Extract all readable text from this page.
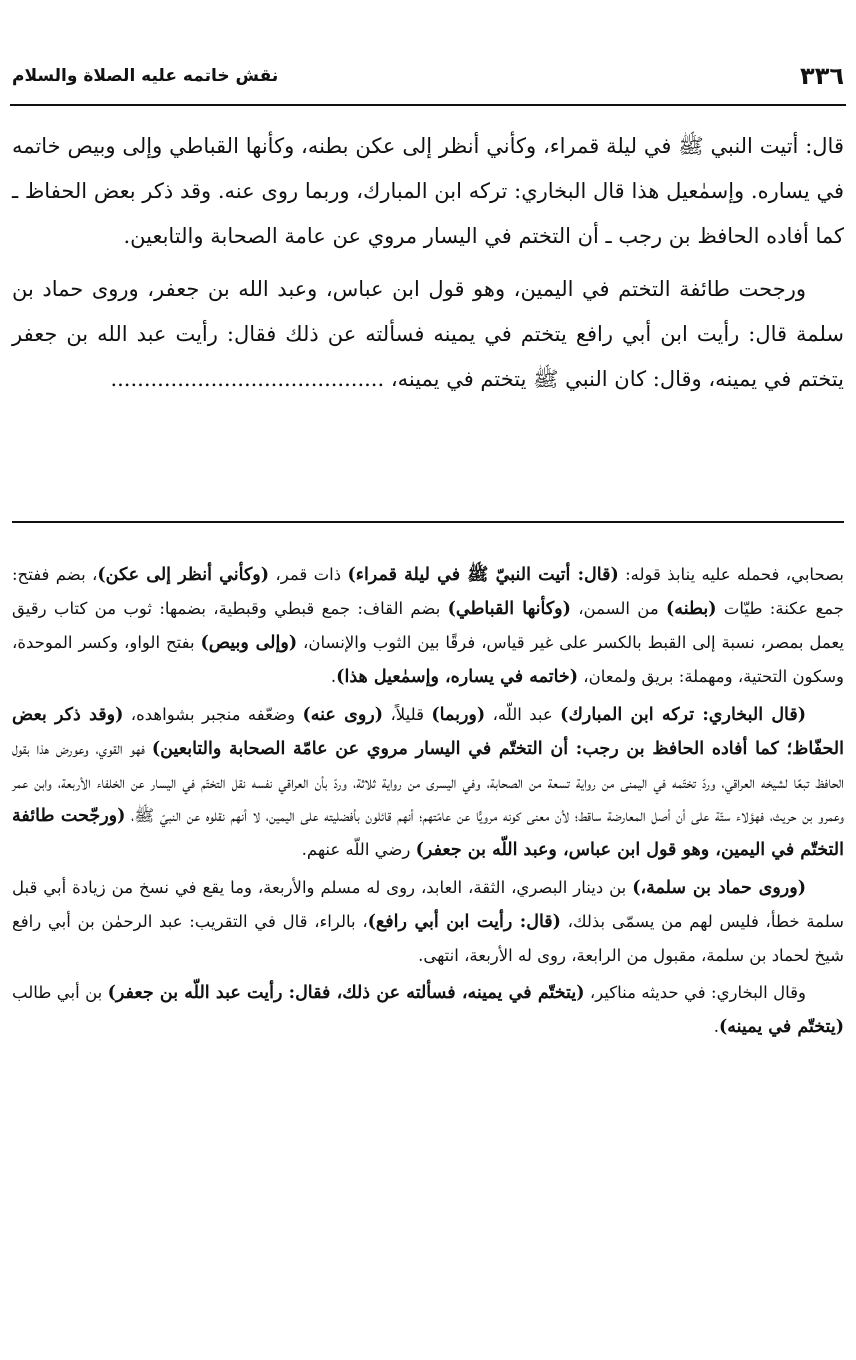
٣٣٦
نقش خاتمه عليه الصلاة والسلام

قال: أتيت النبي ﷺ في ليلة قمراء، وكأني أنظر إلى عكن بطنه، وكأنها القباطي وإلى وبيص خاتمه في يساره. وإسمٰعيل هذا قال البخاري: تركه ابن المبارك، وربما روى عنه. وقد ذكر بعض الحفاظ ـ كما أفاده الحافظ بن رجب ـ أن التختم في اليسار مروي عن عامة الصحابة والتابعين.

ورجحت طائفة التختم في اليمين، وهو قول ابن عباس، وعبد الله بن جعفر، وروى حماد بن سلمة قال: رأيت ابن أبي رافع يتختم في يمينه فسألته عن ذلك فقال: رأيت عبد الله بن جعفر يتختم في يمينه، وقال: كان النبي ﷺ يتختم في يمينه، .........................................

بصحابي، فحمله عليه ينابذ قوله: (قال: أتيت النبيّ ﷺ في ليلة قمراء) ذات قمر، (وكأني أنظر إلى عكن)، بضم ففتح: جمع عكنة: طيّات (بطنه) من السمن، (وكأنها القباطي) بضم القاف: جمع قبطي وقبطية، بضمها: ثوب من كتاب رقيق يعمل بمصر، نسبة إلى القبط بالكسر على غير قياس، فرقًا بين الثوب والإنسان، (وإلى وبيص) بفتح الواو، وكسر الموحدة، وسكون التحتية، ومهملة: بريق ولمعان، (خاتمه في يساره، وإسمٰعيل هذا).

(قال البخاري: تركه ابن المبارك) عبد اللّه، (وربما) قليلاً، (روى عنه) وضعّفه منجبر بشواهده، (وقد ذكر بعض الحفّاظ؛ كما أفاده الحافظ بن رجب: أن التختّم في اليسار مروي عن عامّة الصحابة والتابعين) فهو القوي، وعورض هذا بقول الحافظ تبعًا لشيخه العراقي، وردّ تختّمه في اليمنى من رواية تسعة من الصحابة، وفي اليسرى من رواية ثلاثة، وردّ بأن العراقي نفسه نقل التختّم في اليسار عن الخلفاء الأربعة، وابن عمر وعمرو بن حريث، فهؤلاء ستّة على أن أصل المعارضة ساقط؛ لأن معنى كونه مرويًّا عن عامّتهم؛ أنهم قائلون بأفضليته على اليمين، لا أنهم نقلوه عن النبيّ ﷺ، (ورجّحت طائفة التختّم في اليمين، وهو قول ابن عباس، وعبد اللّه بن جعفر) رضي اللّه عنهم.

(وروى حماد بن سلمة،) بن دينار البصري، الثقة، العابد، روى له مسلم والأربعة، وما يقع في نسخ من زيادة أبي قبل سلمة خطأ، فليس لهم من يسمّى بذلك، (قال: رأيت ابن أبي رافع)، بالراء، قال في التقريب: عبد الرحمٰن بن أبي رافع شيخ لحماد بن سلمة، مقبول من الرابعة، روى له الأربعة، انتهى.

وقال البخاري: في حديثه مناكير، (يتختّم في يمينه، فسألته عن ذلك، فقال: رأيت عبد اللّه بن جعفر) بن أبي طالب (يتختّم في يمينه).
